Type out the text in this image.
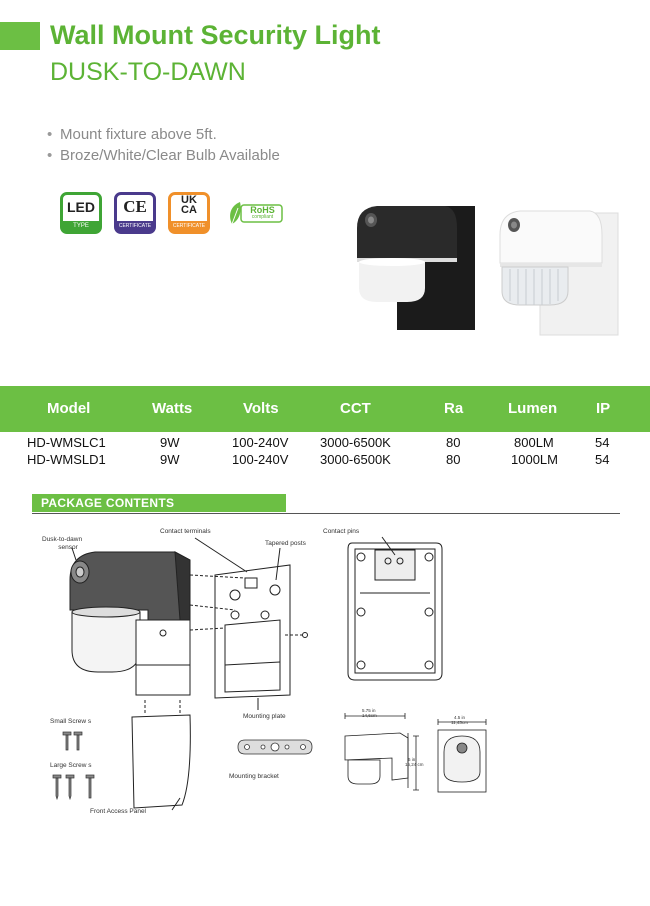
Wall Mount Security Light
DUSK-TO-DAWN
• Mount fixture above 5ft.
• Broze/White/Clear Bulb Available
LED
TYPE
CE
CERTIFICATE
UK
CA
CERTIFICATE
RoHS
compliant
Model	Watts	Volts	CCT	Ra	Lumen	IP
HD-WMSLC1	9W	100-240V 3000-6500K	80	800LM	54
HD-WMSLD1	9W	100-240V 3000-6500K	80	1000LM	54
PACKAGE CONTENTS
5.75 in
14,6cm
6 in
15,24 cm
4.5 in
11,43cm
Dusk-to-dawn
sensor
Contact terminals
Tapered posts
Contact pins
Small Screw s
Large Screw s
Mounting plate
Mounting bracket
Front Access Panel
